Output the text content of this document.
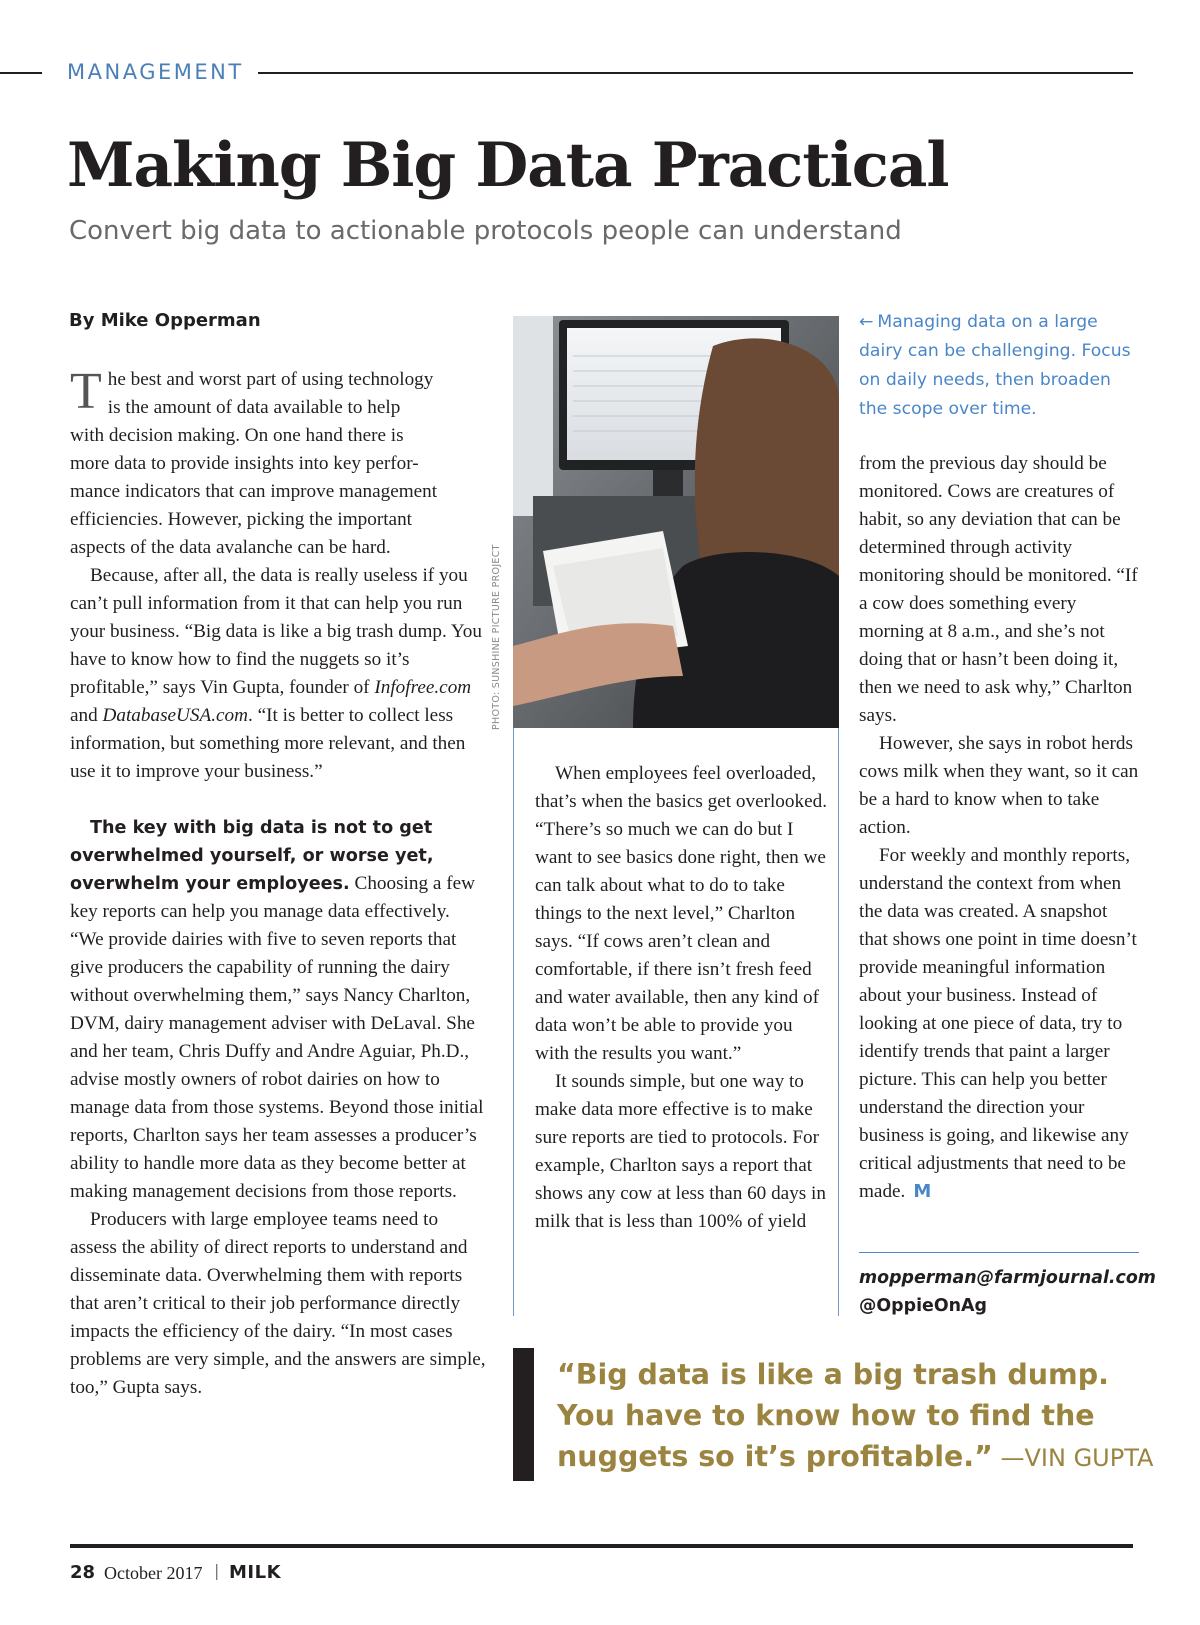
MANAGEMENT
Making Big Data Practical
Convert big data to actionable protocols people can understand
By Mike Opperman

T he best and worst part of using technology
is the amount of data available to help
with decision making. On one hand there is
more data to provide insights into key perfor-
mance indicators that can improve management
efficiencies. However, picking the important
aspects of the data avalanche can be hard.

Because, after all, the data is really useless if you can’t pull information from it that can help you run your business. “Big data is like a big trash dump. You have to know how to find the nuggets so it’s profitable,” says Vin Gupta, founder of Infofree.com and DatabaseUSA.com. “It is better to collect less information, but something more relevant, and then use it to improve your business.”

The key with big data is not to get overwhelmed yourself, or worse yet, overwhelm your employees. Choosing a few key reports can help you manage data effectively. “We provide dairies with five to seven reports that give producers the capability of running the dairy without overwhelming them,” says Nancy Charlton, DVM, dairy management adviser with DeLaval. She and her team, Chris Duffy and Andre Aguiar, Ph.D., advise mostly owners of robot dairies on how to manage data from those systems. Beyond those initial reports, Charlton says her team assesses a producer’s ability to handle more data as they become better at making management decisions from those reports.

Producers with large employee teams need to assess the ability of direct reports to understand and disseminate data. Overwhelming them with reports that aren’t critical to their job performance directly impacts the efficiency of the dairy. “In most cases problems are very simple, and the answers are simple, too,” Gupta says.

PHOTO: SUNSHINE PICTURE PROJECT
← Managing data on a large dairy can be challenging. Focus on daily needs, then broaden the scope over time.

When employees feel overloaded, that’s when the basics get overlooked. “There’s so much we can do but I want to see basics done right, then we can talk about what to do to take things to the next level,” Charlton says. “If cows aren’t clean and comfortable, if there isn’t fresh feed and water available, then any kind of data won’t be able to provide you with the results you want.”

It sounds simple, but one way to make data more effective is to make sure reports are tied to protocols. For example, Charlton says a report that shows any cow at less than 60 days in milk that is less than 100% of yield

from the previous day should be monitored. Cows are creatures of habit, so any deviation that can be determined through activity monitoring should be monitored. “If a cow does something every morning at 8 a.m., and she’s not doing that or hasn’t been doing it, then we need to ask why,” Charlton says.

However, she says in robot herds cows milk when they want, so it can be a hard to know when to take action.

For weekly and monthly reports, understand the context from when the data was created. A snapshot that shows one point in time doesn’t provide meaningful information about your business. Instead of looking at one piece of data, try to identify trends that paint a larger picture. This can help you better understand the direction your business is going, and likewise any critical adjustments that need to be made. M

mopperman@farmjournal.com
@OppieOnAg
“Big data is like a big trash dump.
You have to know how to find the
nuggets so it’s profitable.” —VIN GUPTA
28 October 2017 | MILK
